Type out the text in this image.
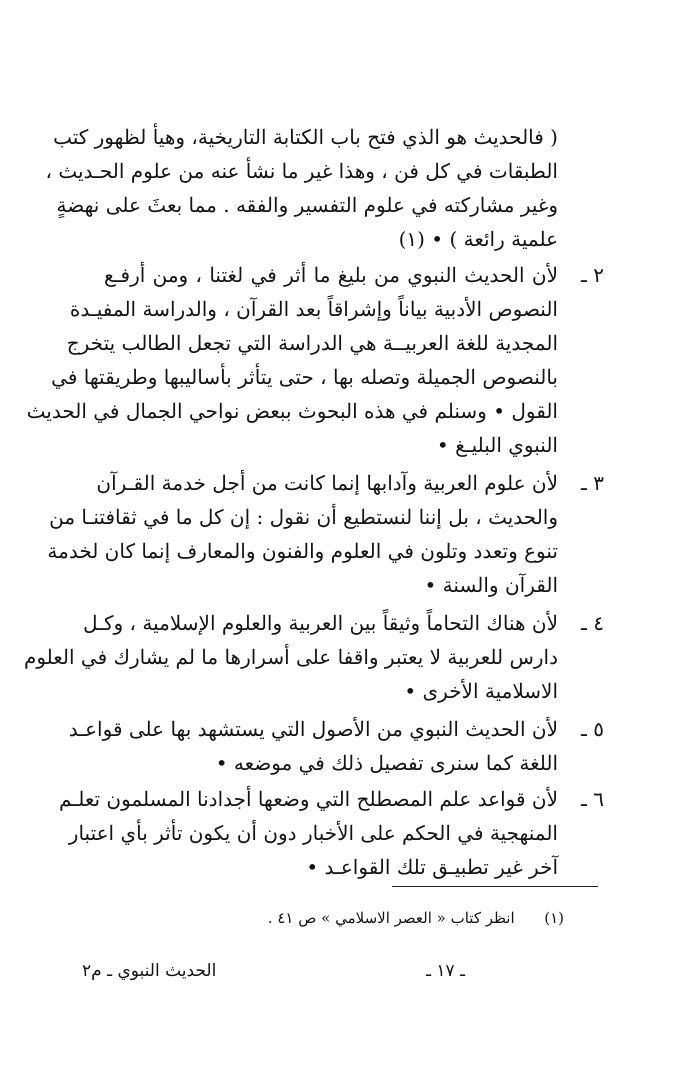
( فالحديث هو الذي فتح باب الكتابة التاريخية، وهيأ لظهور كتب
الطبقات في كل فن ، وهذا غير ما نشأ عنه من علوم الحـديث ،
وغير مشاركته في علوم التفسير والفقه . مما بعثَ على نهضةٍ
علمية رائعة ) • (١)
٢ ـ
لأن الحديث النبوي من بليغ ما أثر في لغتنا ، ومن أرفـع
النصوص الأدبية بياناً وإشراقاً بعد القرآن ، والدراسة المفيـدة
المجدية للغة العربيــة هي الدراسة التي تجعل الطالب يتخرج
بالنصوص الجميلة وتصله بها ، حتى يتأثر بأساليبها وطريقتها في
القول • وسنلم في هذه البحوث ببعض نواحي الجمال في الحديث
النبوي البليـغ •
٣ ـ
لأن علوم العربية وآدابها إنما كانت من أجل خدمة القـرآن
والحديث ، بل إننا لنستطيع أن نقول : إن كل ما في ثقافتنـا من
تنوع وتعدد وتلون في العلوم والفنون والمعارف إنما كان لخدمة
القرآن والسنة •
٤ ـ
لأن هناك التحاماً وثيقاً بين العربية والعلوم الإسلامية ، وكـل
دارس للعربية لا يعتبر واقفا على أسرارها ما لم يشارك في العلوم
الاسلامية الأخرى •
٥ ـ
لأن الحديث النبوي من الأصول التي يستشهد بها على قواعـد
اللغة كما سنرى تفصيل ذلك في موضعه •
٦ ـ
لأن قواعد علم المصطلح التي وضعها أجدادنا المسلمون تعلـم
المنهجية في الحكم على الأخبار دون أن يكون تأثر بأي اعتبار
آخر غير تطبيـق تلك القواعـد •
(١)  انظر كتاب « العصر الاسلامي » ص ٤١ .
ـ ١٧ ـ
الحديث النبوي ـ م٢
